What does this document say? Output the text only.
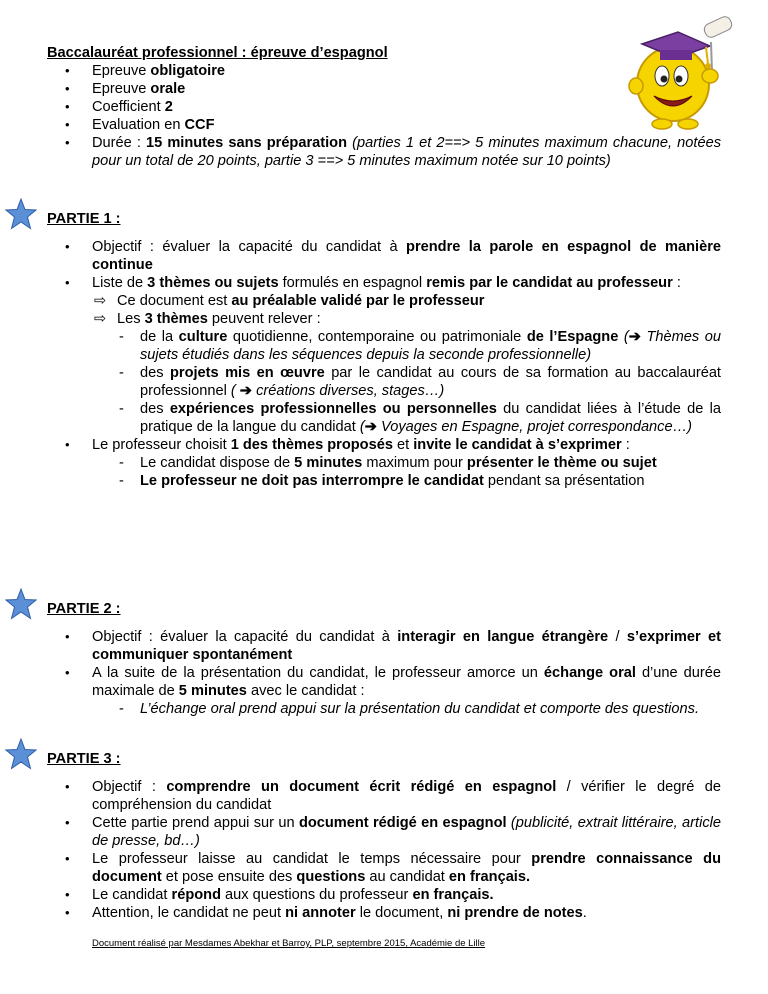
Baccalauréat professionnel : épreuve d’espagnol
• Epreuve obligatoire
• Epreuve orale
• Coefficient 2
• Evaluation en CCF
• Durée : 15 minutes sans préparation (parties 1 et 2==> 5 minutes maximum chacune, notées pour un total de 20 points, partie 3 ==> 5 minutes maximum notée sur 10 points)
PARTIE 1 :
• Objectif : évaluer la capacité du candidat à prendre la parole en espagnol de manière continue
• Liste de 3 thèmes ou sujets formulés en espagnol remis par le candidat au professeur :
⇨ Ce document est au préalable validé par le professeur
⇨ Les 3 thèmes peuvent relever :
- de la culture quotidienne, contemporaine ou patrimoniale de l’Espagne (➔ Thèmes ou sujets étudiés dans les séquences depuis la seconde professionnelle)
- des projets mis en œuvre par le candidat au cours de sa formation au baccalauréat professionnel ( ➔ créations diverses, stages…)
- des expériences professionnelles ou personnelles du candidat liées à l’étude de la pratique de la langue du candidat (➔ Voyages en Espagne, projet correspondance…)
• Le professeur choisit 1 des thèmes proposés et invite le candidat à s’exprimer :
- Le candidat dispose de 5 minutes maximum pour présenter le thème ou sujet
- Le professeur ne doit pas interrompre le candidat pendant sa présentation
PARTIE 2 :
• Objectif : évaluer la capacité du candidat à interagir en langue étrangère / s’exprimer et communiquer spontanément
• A la suite de la présentation du candidat, le professeur amorce un échange oral d’une durée maximale de 5 minutes avec le candidat :
- L’échange oral prend appui sur la présentation du candidat et comporte des questions.
PARTIE 3 :
• Objectif : comprendre un document écrit rédigé en espagnol / vérifier le degré de compréhension du candidat
• Cette partie prend appui sur un document rédigé en espagnol (publicité, extrait littéraire, article de presse, bd…)
• Le professeur laisse au candidat le temps nécessaire pour prendre connaissance du document et pose ensuite des questions au candidat en français.
• Le candidat répond aux questions du professeur en français.
• Attention, le candidat ne peut ni annoter le document, ni prendre de notes.
Document réalisé par Mesdames Abekhar et Barroy, PLP, septembre 2015, Académie de Lille
